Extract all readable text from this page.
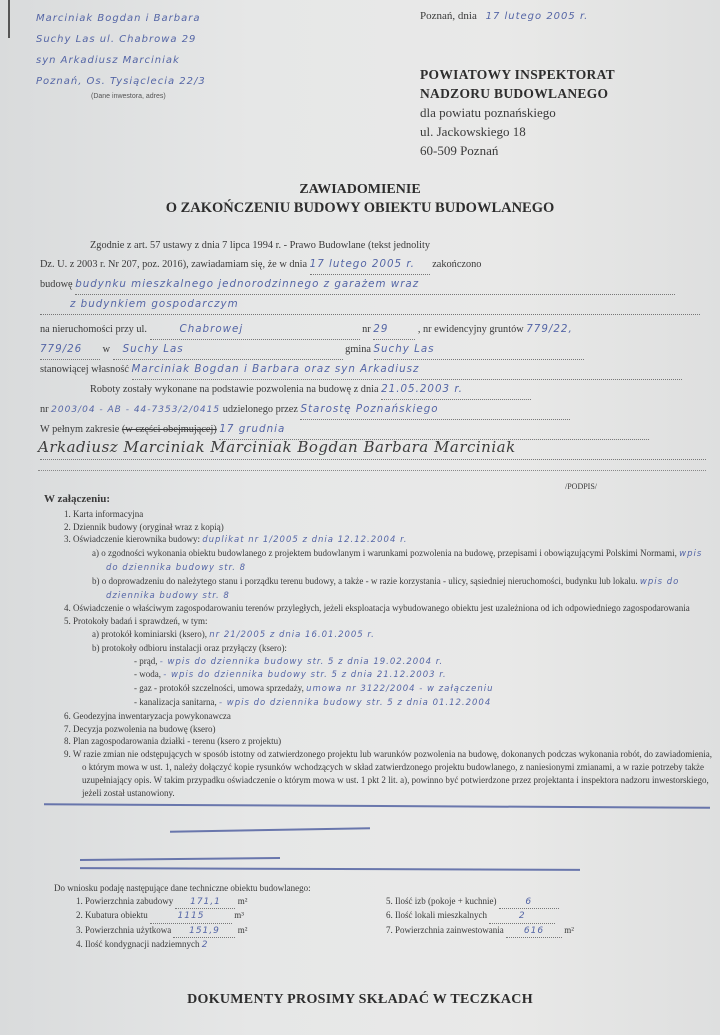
Marciniak Bogdan i Barbara
Suchy Las ul. Chabrowa 29
syn Arkadiusz Marciniak
Poznań, Os. Tysiąclecia 22/3
(Dane inwestora, adres)
Poznań, dnia 17 lutego 2005 r.
POWIATOWY INSPEKTORAT
NADZORU BUDOWLANEGO
dla powiatu poznańskiego
ul. Jackowskiego 18
60-509 Poznań
ZAWIADOMIENIE
O ZAKOŃCZENIU BUDOWY OBIEKTU BUDOWLANEGO
Zgodnie z art. 57 ustawy z dnia 7 lipca 1994 r. - Prawo Budowlane (tekst jednolity
Dz. U. z 2003 r. Nr 207, poz. 2016), zawiadamiam się, że w dnia 17 lutego 2005 r. zakończono
budowę budynku mieszkalnego jednorodzinnego z garażem wraz
z budynkiem gospodarczym
na nieruchomości przy ul.	Chabrowej	nr 29	, nr ewidencyjny gruntów 779/22,
779/26 w Suchy Las	gmina Suchy Las
stanowiącej własność Marciniak Bogdan i Barbara oraz syn Arkadiusz
Roboty zostały wykonane na podstawie pozwolenia na budowę z dnia 21.05.2003 r.
nr 2003/04 - AB - 44-7353/2/0415 udzielonego przez Starostę Poznańskiego
W pełnym zakresie (w części obejmującej) 17 grudnia

Arkadiusz Marciniak Marciniak Bogdan Barbara Marciniak
/PODPIS/
W załączeniu:
1. Karta informacyjna
2. Dziennik budowy (oryginał wraz z kopią)
3. Oświadczenie kierownika budowy: duplikat nr 1/2005 z dnia 12.12.2004 r.
a) o zgodności wykonania obiektu budowlanego z projektem budowlanym i warunkami pozwolenia na budowę, przepisami i obowiązującymi Polskimi Normami, wpis do dziennika budowy str. 8
b) o doprowadzeniu do należytego stanu i porządku terenu budowy, a także - w razie korzystania - ulicy, sąsiedniej nieruchomości, budynku lub lokalu. wpis do dziennika budowy str. 8
4. Oświadczenie o właściwym zagospodarowaniu terenów przyległych, jeżeli eksploatacja wybudowanego obiektu jest uzależniona od ich odpowiedniego zagospodarowania
5. Protokoły badań i sprawdzeń, w tym:
a) protokół kominiarski (ksero), nr 21/2005 z dnia 16.01.2005 r.
b) protokoły odbioru instalacji oraz przyłączy (ksero):
- prąd, - wpis do dziennika budowy str. 5 z dnia 19.02.2004 r.
- woda, - wpis do dziennika budowy str. 5 z dnia 21.12.2003 r.
- gaz - protokół szczelności, umowa sprzedaży, umowa nr 3122/2004 - w załączeniu
- kanalizacja sanitarna, - wpis do dziennika budowy str. 5 z dnia 01.12.2004
6. Geodezyjna inwentaryzacja powykonawcza
7. Decyzja pozwolenia na budowę (ksero)
8. Plan zagospodarowania działki - terenu (ksero z projektu)
9. W razie zmian nie odstępujących w sposób istotny od zatwierdzonego projektu lub warunków pozwolenia na budowę, dokonanych podczas wykonania robót, do zawiadomienia, o którym mowa w ust. 1, należy dołączyć kopie rysunków wchodzących w skład zatwierdzonego projektu budowlanego, z naniesionymi zmianami, a w razie potrzeby także uzupełniający opis. W takim przypadku oświadczenie o którym mowa w ust. 1 pkt 2 lit. a), powinno być potwierdzone przez projektanta i inspektora nadzoru inwestorskiego, jeżeli został ustanowiony.
Do wniosku podaję następujące dane techniczne obiektu budowlanego:
1. Powierzchnia zabudowy 171,1 m²
2. Kubatura obiektu	1115	m³
3. Powierzchnia użytkowa 151,9 m²
4. Ilość kondygnacji nadziemnych 2
5. Ilość izb (pokoje + kuchnie)	6
6. Ilość lokali mieszkalnych	2
7. Powierzchnia zainwestowania 616 m²
DOKUMENTY PROSIMY SKŁADAĆ W TECZKACH
